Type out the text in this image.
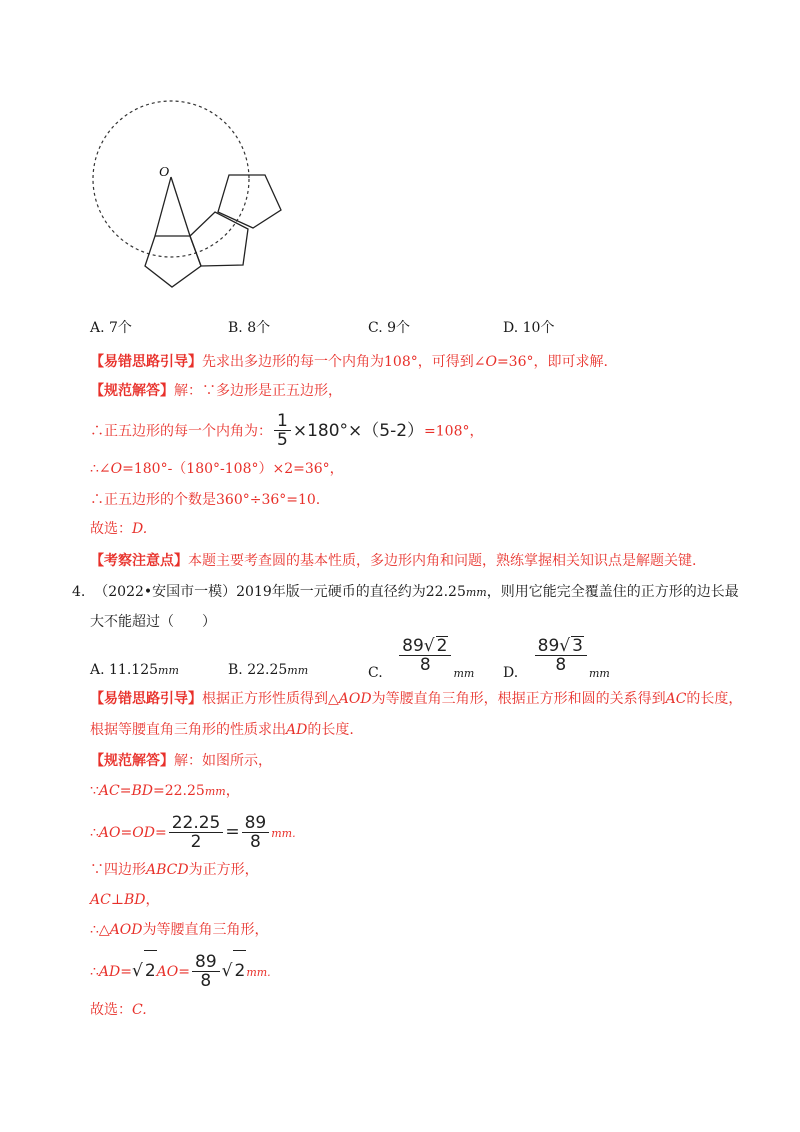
O
A. 7个	B. 8个	C. 9个	D. 10个
【易错思路引导】先求出多边形的每一个内角为108°，可得到∠O=36°，即可求解.
【规范解答】解：∵多边形是正五边形，
∴正五边形的每一个内角为： $\frac{1}{5} \times 180^\circ\times(5-2)=108^\circ$，
∴∠O=180°-（180°-108°）×2=36°，
∴正五边形的个数是360°÷36°=10.
故选：D.
【考察注意点】本题主要考查圆的基本性质，多边形内角和问题，熟练掌握相关知识点是解题关键.
4. （2022•安国市一模）2019年版一元硬币的直径约为22.25mm，则用它能完全覆盖住的正方形的边长最
大不能超过（　　）
A. 11.125mm	B. 22.25mm	C. $\frac{89√ 2}{8} _{mm}$ D. $\frac{89√ 3}{8} _{mm}$
【易错思路引导】根据正方形性质得到△AOD为等腰直角三角形，根据正方形和圆的关系得到AC的长度，
根据等腰直角三角形的性质求出AD的长度.
【规范解答】解：如图所示，
∵AC=BD=22.25mm，
∴AO=OD= $\frac{22.25}{2} = \frac{89}{8}$ mm.
∵四边形ABCD为正方形，
AC⊥BD，
∴△AOD为等腰直角三角形，
∴AD=√ $2AO= \frac{89}{8}$ √ 2mm.
故选：C.
